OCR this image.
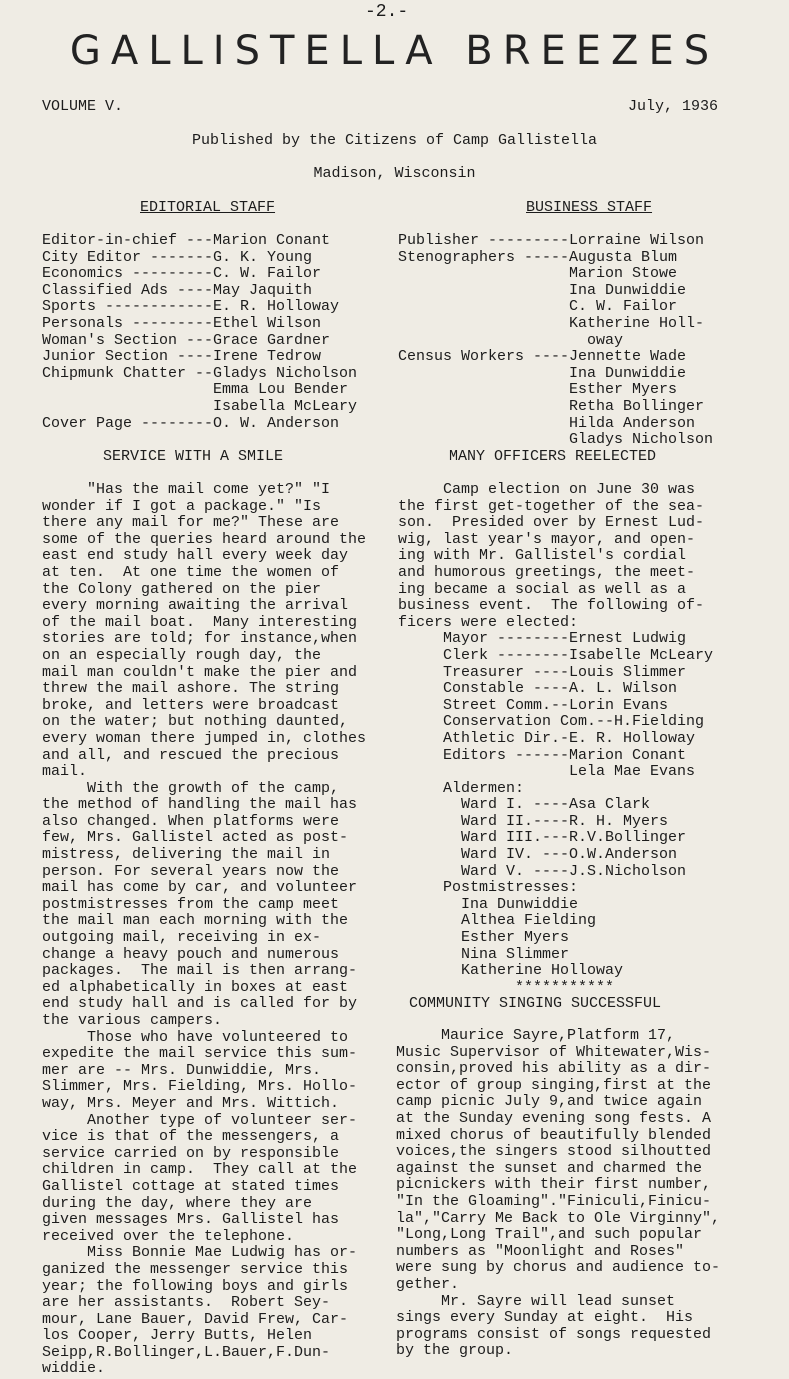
-2.-
GALLISTELLA BREEZES
VOLUME V.	July, 1936
Published by the Citizens of Camp Gallistella
Madison, Wisconsin
EDITORIAL STAFF	BUSINESS STAFF
Editor-in-chief ---Marion Conant
City Editor -------G. K. Young
Economics ---------C. W. Failor
Classified Ads ----May Jaquith
Sports ------------E. R. Holloway
Personals ---------Ethel Wilson
Woman's Section ---Grace Gardner
Junior Section ----Irene Tedrow
Chipmunk Chatter --Gladys Nicholson
Emma Lou Bender
Isabella McLeary
Cover Page --------O. W. Anderson
Publisher ---------Lorraine Wilson
Stenographers -----Augusta Blum
Marion Stowe
Ina Dunwiddie
C. W. Failor
Katherine Holl-
oway
Census Workers ----Jennette Wade
Ina Dunwiddie
Esther Myers
Retha Bollinger
Hilda Anderson
Gladys Nicholson
SERVICE WITH A SMILE	MANY OFFICERS REELECTED
"Has the mail come yet?" "I
wonder if I got a package." "Is
there any mail for me?" These are
some of the queries heard around the
east end study hall every week day
at ten.  At one time the women of
the Colony gathered on the pier
every morning awaiting the arrival
of the mail boat.  Many interesting
stories are told; for instance,when
on an especially rough day, the
mail man couldn't make the pier and
threw the mail ashore. The string
broke, and letters were broadcast
on the water; but nothing daunted,
every woman there jumped in, clothes
and all, and rescued the precious
mail.
With the growth of the camp,
the method of handling the mail has
also changed. When platforms were
few, Mrs. Gallistel acted as post-
mistress, delivering the mail in
person. For several years now the
mail has come by car, and volunteer
postmistresses from the camp meet
the mail man each morning with the
outgoing mail, receiving in ex-
change a heavy pouch and numerous
packages.  The mail is then arrang-
ed alphabetically in boxes at east
end study hall and is called for by
the various campers.
Those who have volunteered to
expedite the mail service this sum-
mer are -- Mrs. Dunwiddie, Mrs.
Slimmer, Mrs. Fielding, Mrs. Hollo-
way, Mrs. Meyer and Mrs. Wittich.
Another type of volunteer ser-
vice is that of the messengers, a
service carried on by responsible
children in camp.  They call at the
Gallistel cottage at stated times
during the day, where they are
given messages Mrs. Gallistel has
received over the telephone.
Miss Bonnie Mae Ludwig has or-
ganized the messenger service this
year; the following boys and girls
are her assistants.  Robert Sey-
mour, Lane Bauer, David Frew, Car-
los Cooper, Jerry Butts, Helen
Seipp,R.Bollinger,L.Bauer,F.Dun-
widdie.
Camp election on June 30 was
the first get-together of the sea-
son.  Presided over by Ernest Lud-
wig, last year's mayor, and open-
ing with Mr. Gallistel's cordial
and humorous greetings, the meet-
ing became a social as well as a
business event.  The following of-
ficers were elected:
Mayor --------Ernest Ludwig
Clerk --------Isabelle McLeary
Treasurer ----Louis Slimmer
Constable ----A. L. Wilson
Street Comm.--Lorin Evans
Conservation Com.--H.Fielding
Athletic Dir.-E. R. Holloway
Editors ------Marion Conant
Lela Mae Evans
Aldermen:
Ward I. ----Asa Clark
Ward II.----R. H. Myers
Ward III.---R.V.Bollinger
Ward IV. ---O.W.Anderson
Ward V. ----J.S.Nicholson
Postmistresses:
Ina Dunwiddie
Althea Fielding
Esther Myers
Nina Slimmer
Katherine Holloway
***********
COMMUNITY SINGING SUCCESSFUL
Maurice Sayre,Platform 17,
Music Supervisor of Whitewater,Wis-
consin,proved his ability as a dir-
ector of group singing,first at the
camp picnic July 9,and twice again
at the Sunday evening song fests. A
mixed chorus of beautifully blended
voices,the singers stood silhoutted
against the sunset and charmed the
picnickers with their first number,
"In the Gloaming"."Finiculi,Finicu-
la","Carry Me Back to Ole Virginny",
"Long,Long Trail",and such popular
numbers as "Moonlight and Roses"
were sung by chorus and audience to-
gether.
Mr. Sayre will lead sunset
sings every Sunday at eight.  His
programs consist of songs requested
by the group.
